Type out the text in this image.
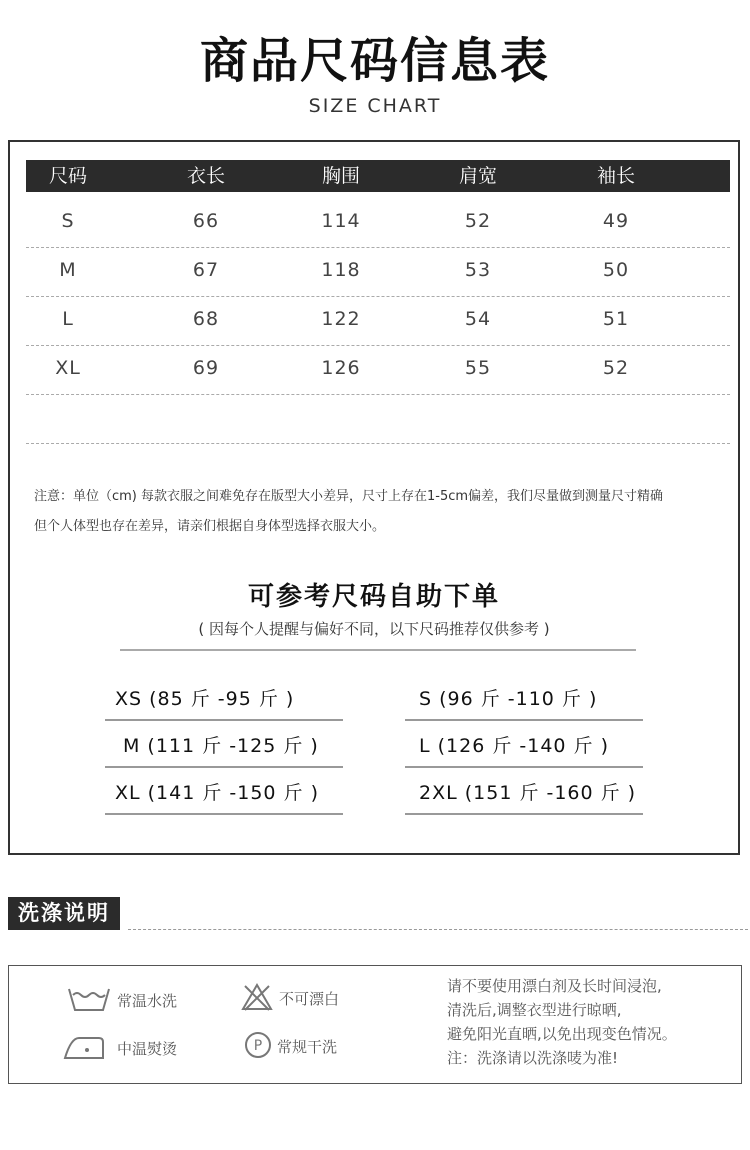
商品尺码信息表
SIZE CHART
尺码	衣长	胸围	肩宽	袖长
S	66	114	52	49
M	67	118	53	50
L	68	122	54	51
XL	69	126	55	52
注意：单位（cm) 每款衣服之间难免存在版型大小差异，尺寸上存在1-5cm偏差，我们尽量做到测量尺寸精确
但个人体型也存在差异，请亲们根据自身体型选择衣服大小。
可参考尺码自助下单
( 因每个人提醒与偏好不同，以下尺码推荐仅供参考 )
XS (85 斤 -95 斤 )	S (96 斤 -110 斤 )
M (111 斤 -125 斤 )	L (126 斤 -140 斤 )
XL (141 斤 -150 斤 )	2XL (151 斤 -160 斤 )
洗涤说明
常温水洗	不可漂白
中温熨烫	P 常规干洗
请不要使用漂白剂及长时间浸泡,
清洗后,调整衣型进行晾晒,
避免阳光直晒,以免出现变色情况。
注：洗涤请以洗涤唛为准!
